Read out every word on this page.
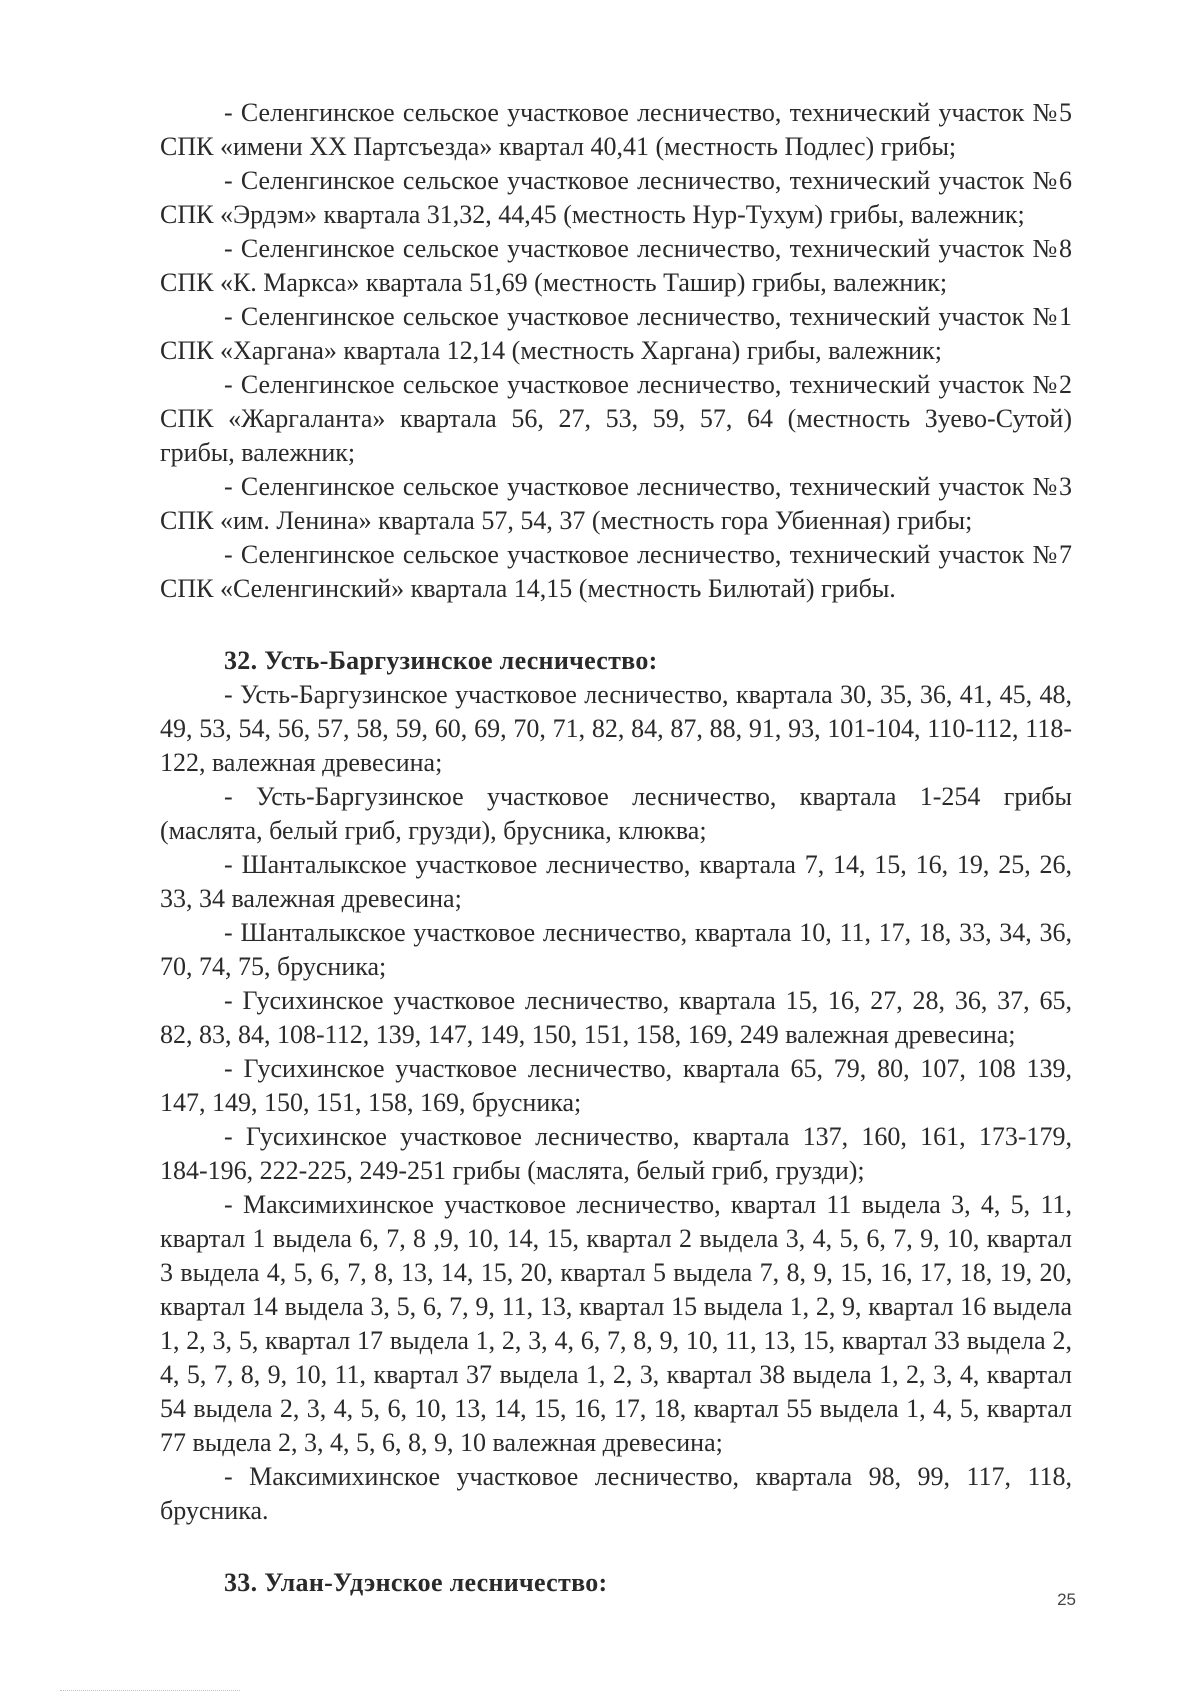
- Селенгинское сельское участковое лесничество, технический участок №5 СПК «имени XX Партсъезда» квартал 40,41 (местность Подлес) грибы;

- Селенгинское сельское участковое лесничество, технический участок №6 СПК «Эрдэм» квартала 31,32, 44,45 (местность Нур-Тухум) грибы, валежник;

- Селенгинское сельское участковое лесничество, технический участок №8 СПК «К. Маркса» квартала 51,69 (местность Ташир) грибы, валежник;

- Селенгинское сельское участковое лесничество, технический участок №1 СПК «Харгана» квартала 12,14 (местность Харгана) грибы, валежник;

- Селенгинское сельское участковое лесничество, технический участок №2 СПК «Жаргаланта» квартала 56, 27, 53, 59, 57, 64 (местность Зуево-Сутой) грибы, валежник;

- Селенгинское сельское участковое лесничество, технический участок №3 СПК «им. Ленина» квартала 57, 54, 37 (местность гора Убиенная) грибы;

- Селенгинское сельское участковое лесничество, технический участок №7 СПК «Селенгинский» квартала 14,15 (местность Билютай) грибы.

32. Усть-Баргузинское лесничество:

- Усть-Баргузинское участковое лесничество, квартала 30, 35, 36, 41, 45, 48, 49, 53, 54, 56, 57, 58, 59, 60, 69, 70, 71, 82, 84, 87, 88, 91, 93, 101-104, 110-112, 118-122, валежная древесина;

- Усть-Баргузинское участковое лесничество, квартала 1-254 грибы (маслята, белый гриб, грузди), брусника, клюква;

- Шанталыкское участковое лесничество, квартала 7, 14, 15, 16, 19, 25, 26, 33, 34 валежная древесина;

- Шанталыкское участковое лесничество, квартала 10, 11, 17, 18, 33, 34, 36, 70, 74, 75, брусника;

- Гусихинское участковое лесничество, квартала 15, 16, 27, 28, 36, 37, 65, 82, 83, 84, 108-112, 139, 147, 149, 150, 151, 158, 169, 249 валежная древесина;

- Гусихинское участковое лесничество, квартала 65, 79, 80, 107, 108 139, 147, 149, 150, 151, 158, 169, брусника;

- Гусихинское участковое лесничество, квартала 137, 160, 161, 173-179, 184-196, 222-225, 249-251 грибы (маслята, белый гриб, грузди);

- Максимихинское участковое лесничество, квартал 11 выдела 3, 4, 5, 11, квартал 1 выдела 6, 7, 8 ,9, 10, 14, 15, квартал 2 выдела 3, 4, 5, 6, 7, 9, 10, квартал 3 выдела 4, 5, 6, 7, 8, 13, 14, 15, 20, квартал 5 выдела 7, 8, 9, 15, 16, 17, 18, 19, 20, квартал 14 выдела 3, 5, 6, 7, 9, 11, 13, квартал 15 выдела 1, 2, 9, квартал 16 выдела 1, 2, 3, 5, квартал 17 выдела 1, 2, 3, 4, 6, 7, 8, 9, 10, 11, 13, 15, квартал 33 выдела 2, 4, 5, 7, 8, 9, 10, 11, квартал 37 выдела 1, 2, 3, квартал 38 выдела 1, 2, 3, 4, квартал 54 выдела 2, 3, 4, 5, 6, 10, 13, 14, 15, 16, 17, 18, квартал 55 выдела 1, 4, 5, квартал 77 выдела 2, 3, 4, 5, 6, 8, 9, 10 валежная древесина;

- Максимихинское участковое лесничество, квартала 98, 99, 117, 118, брусника.

33. Улан-Удэнское лесничество:
25
